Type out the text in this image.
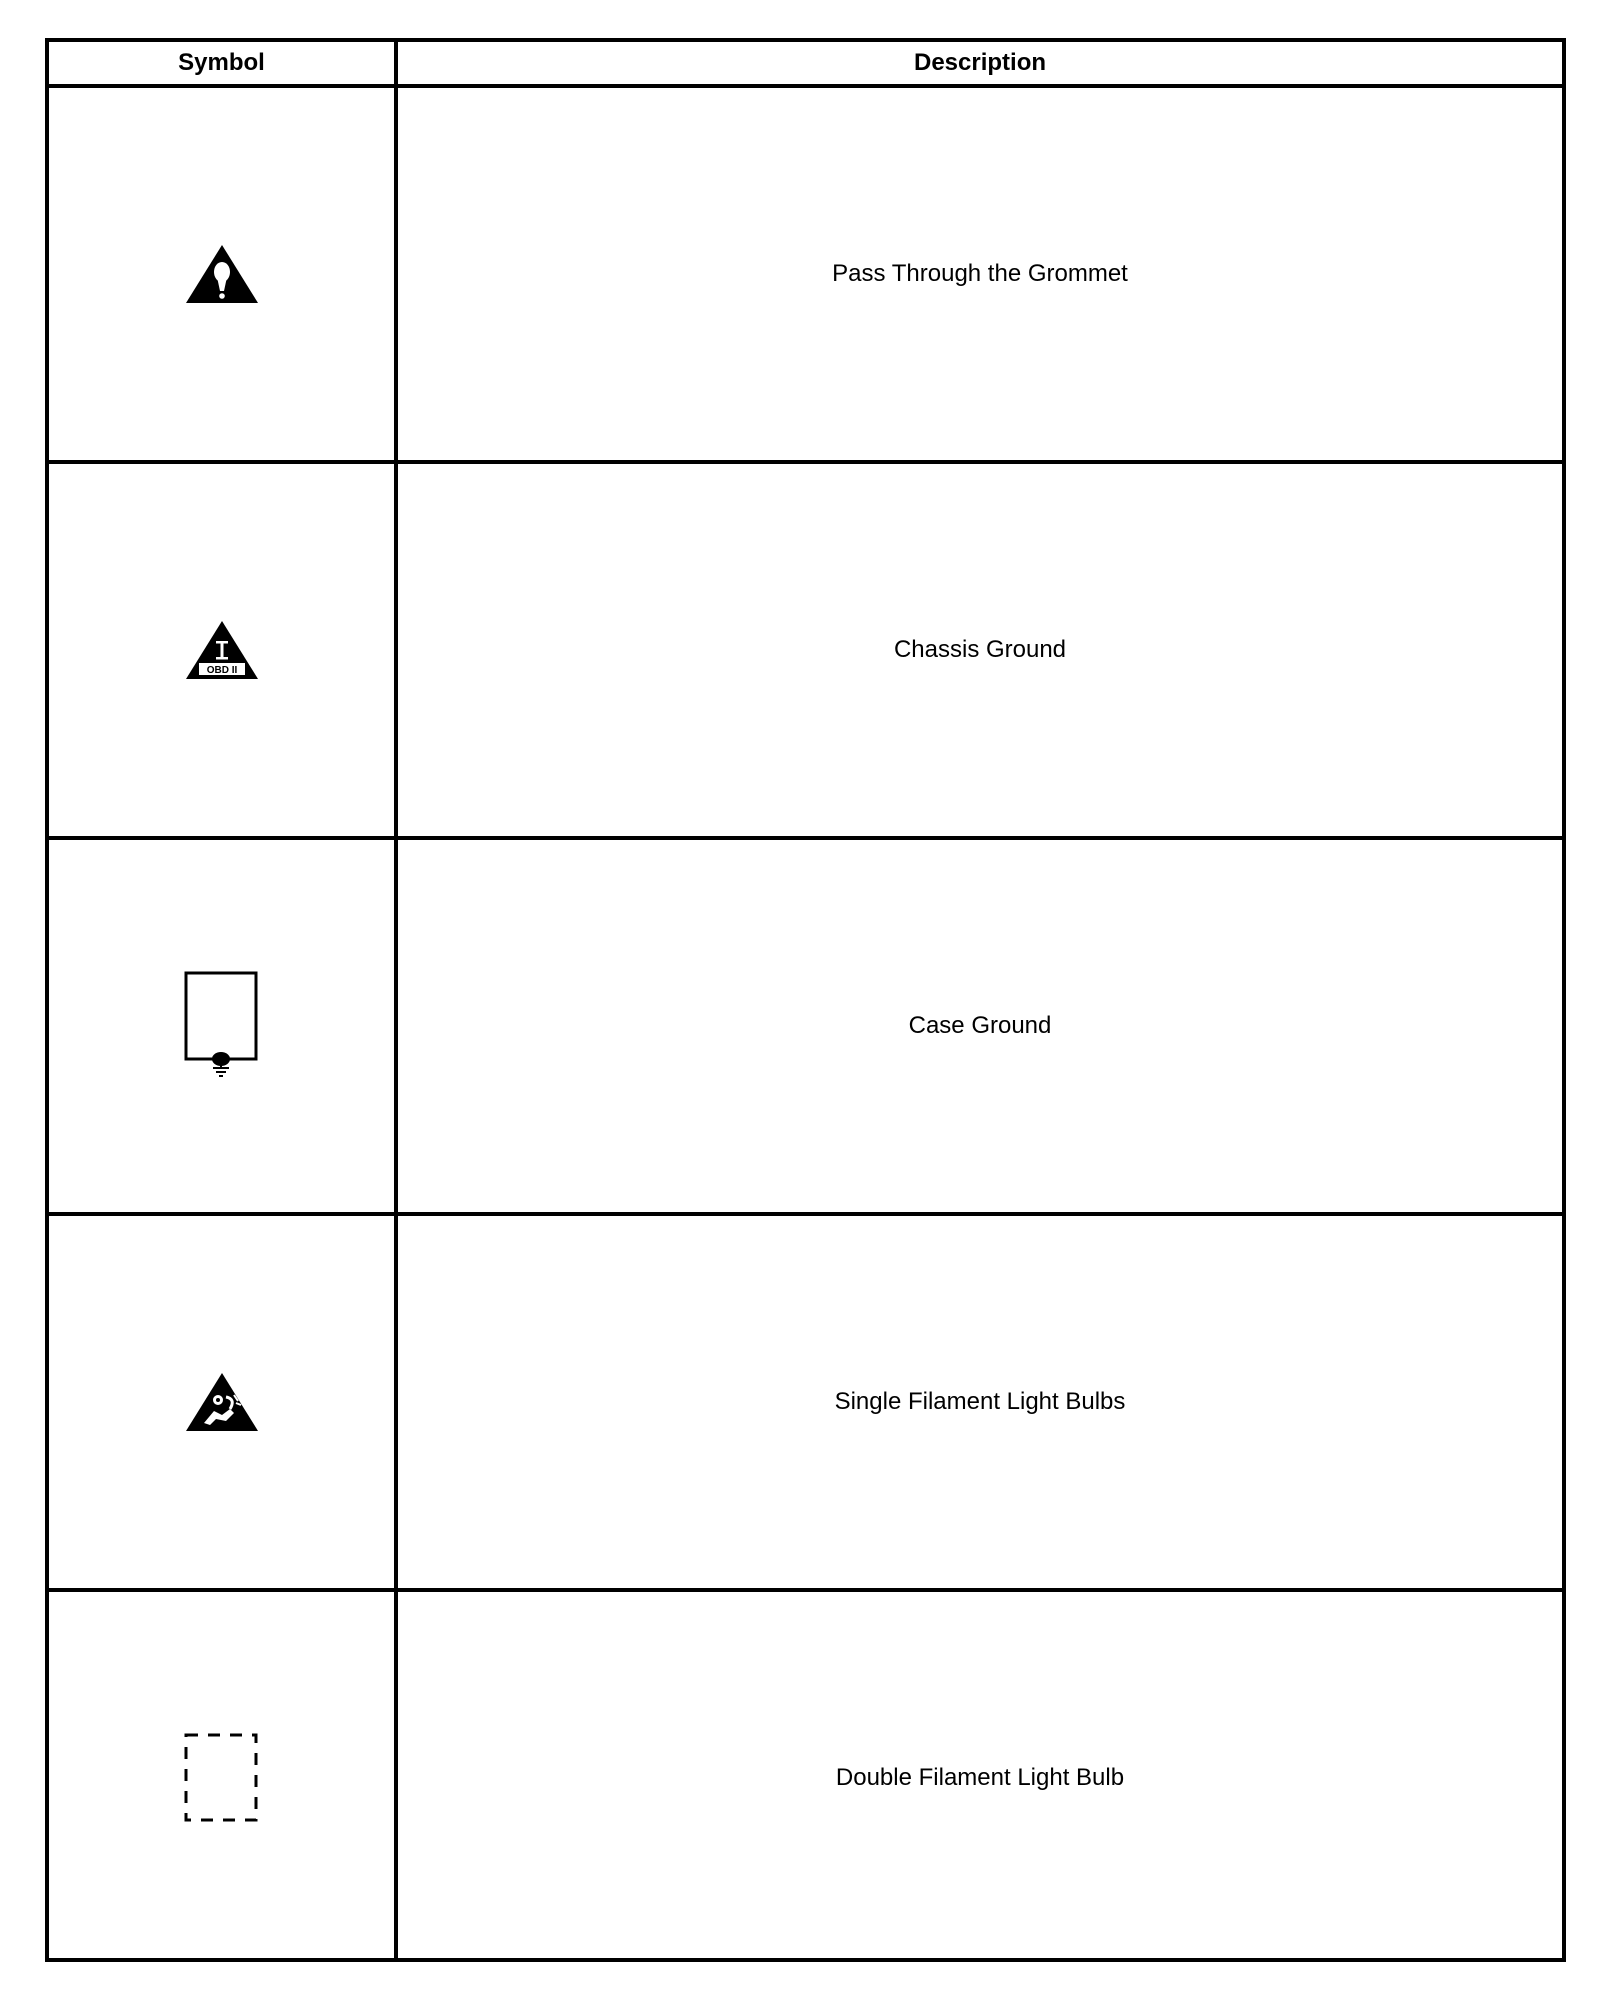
Symbol	Description
Pass Through the Grommet
OBD II
Chassis Ground
Case Ground
Single Filament Light Bulbs
Double Filament Light Bulb
